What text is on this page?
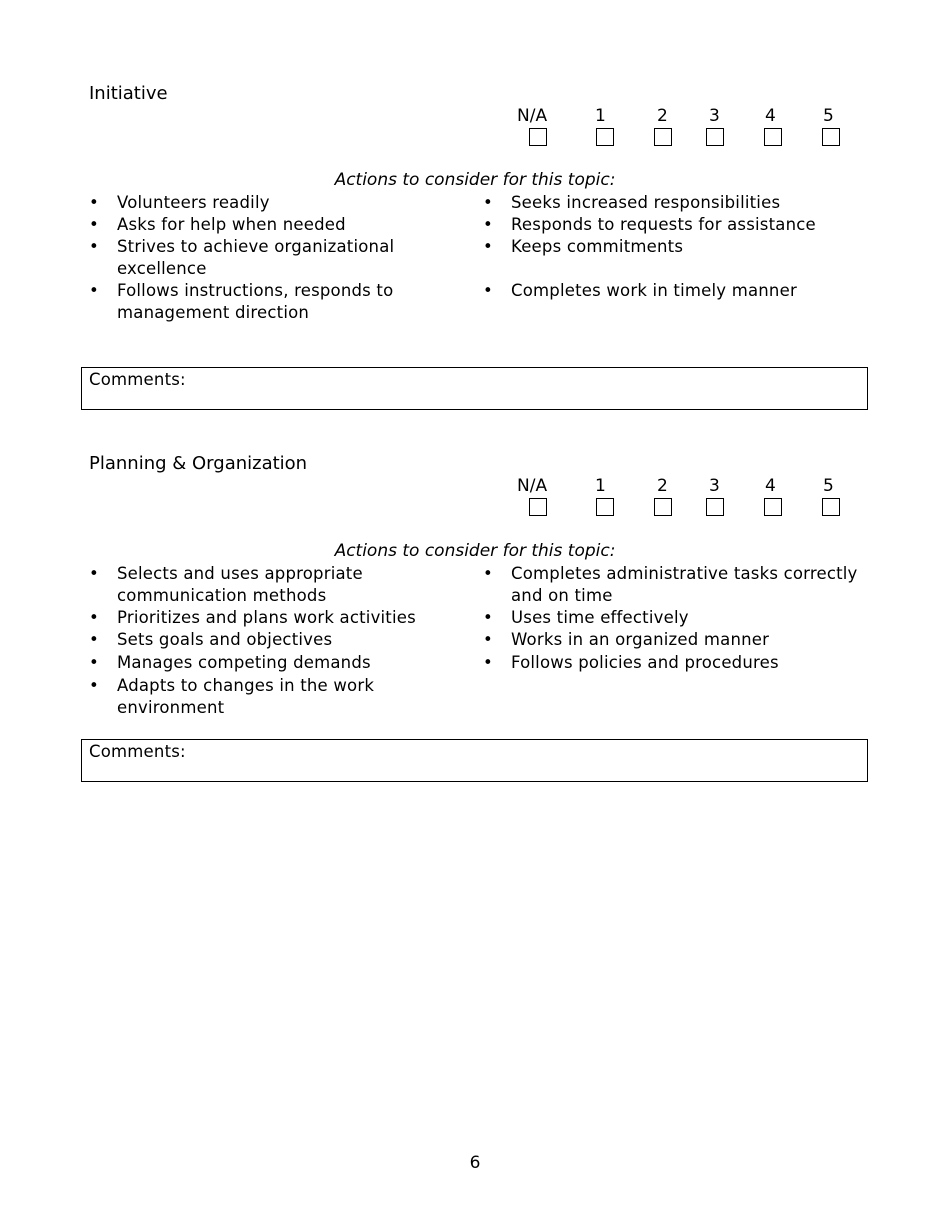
Initiative
N/A	1	2 3	4	5
Actions to consider for this topic:
• Volunteers readily
• Asks for help when needed
• Strives to achieve organizational excellence
• Follows instructions, responds to management direction
• Seeks increased responsibilities
• Responds to requests for assistance
• Keeps commitments
• Completes work in timely manner
Comments:
Planning & Organization
N/A	1	2 3	4	5
Actions to consider for this topic:
• Selects and uses appropriate communication methods
• Prioritizes and plans work activities
• Sets goals and objectives
• Manages competing demands
• Adapts to changes in the work environment
• Completes administrative tasks correctly and on time
• Uses time effectively
• Works in an organized manner
• Follows policies and procedures
Comments:
6
